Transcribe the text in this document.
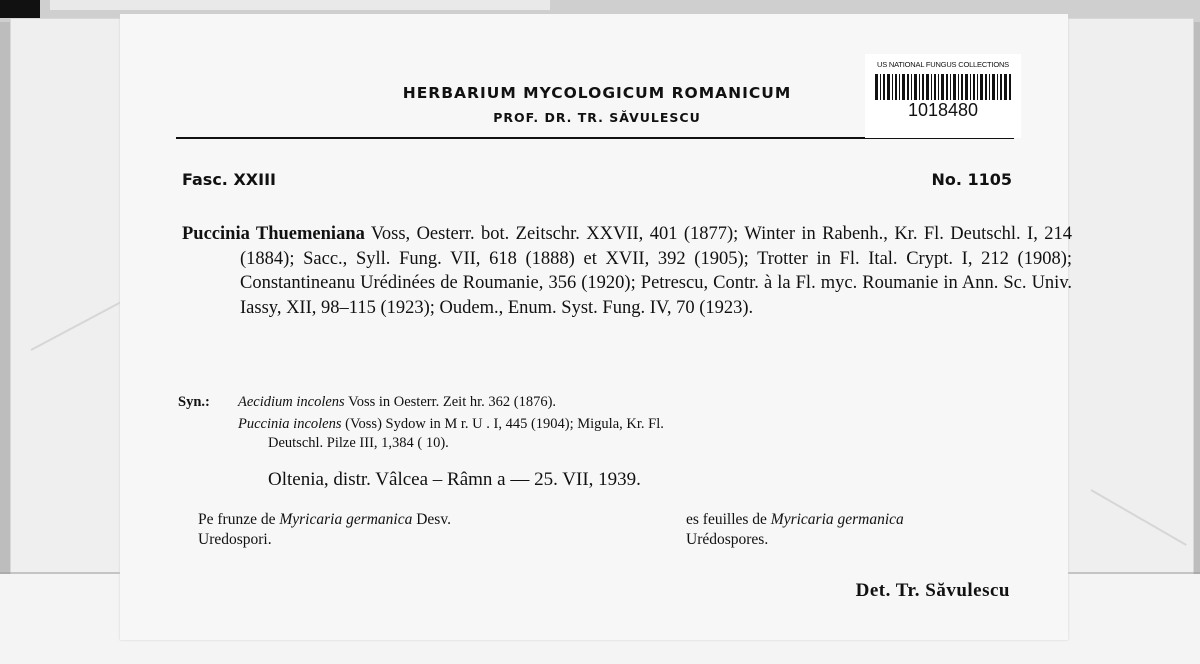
HERBARIUM MYCOLOGICUM ROMANICUM
PROF. DR. TR. SĂVULESCU
US NATIONAL FUNGUS COLLECTIONS
1018480
Fasc. XXIII	No. 1105
Puccinia Thuemeniana Voss, Oesterr. bot. Zeitschr. XXVII, 401 (1877); Winter in Rabenh., Kr. Fl. Deutschl. I, 214 (1884); Sacc., Syll. Fung. VII, 618 (1888) et XVII, 392 (1905); Trotter in Fl. Ital. Crypt. I, 212 (1908); Constantineanu Urédinées de Roumanie, 356 (1920); Petrescu, Contr. à la Fl. myc. Roumanie in Ann. Sc. Univ. Iassy, XII, 98–115 (1923); Oudem., Enum. Syst. Fung. IV, 70 (1923).
Syn.: Aecidium incolens Voss in Oesterr. Zeit hr. 362 (1876).
Puccinia incolens (Voss) Sydow in M r. U . I, 445 (1904); Migula, Kr. Fl.
Deutschl. Pilze III, 1,384 ( 10).
Oltenia, distr. Vâlcea – Râmn a — 25. VII, 1939.
Pe frunze de Myricaria germanica Desv.
Uredospori.
es feuilles de Myricaria germanica
Urédospores.
Det. Tr. Săvulescu
